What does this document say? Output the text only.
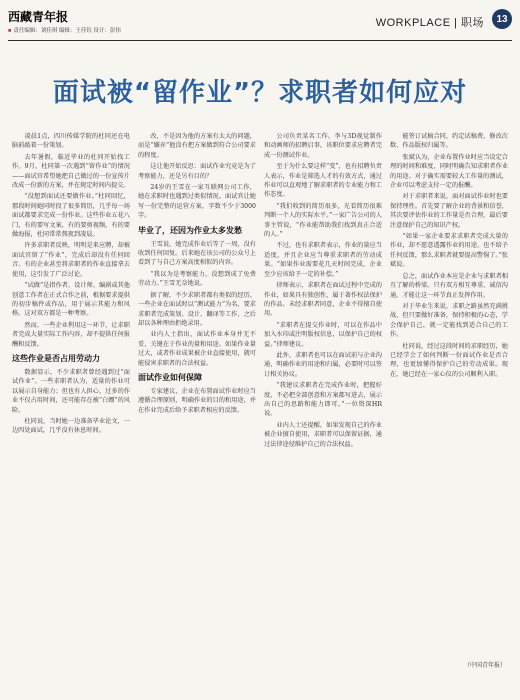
西藏青年报
■ 责任编辑：刘佳琪 编辑：王佳钰 设计：彭伟
WORKPLACE | 职场	13
面试被“留作业”？求职者如何应对

凌晨1点，四川传媒学院的杜同还在电脑前敲着一份策划。

去年暑假，临近毕业的杜同开始找工作。9月，杜同第一次遇到“留作业”的情况——面试官希望她把自己做过的一份宣传片改成一份新的方案，并在规定时间内提交。

“没想到面试还要做作业。”杜同回忆，那段时间她同时投了很多简历，几乎每一场面试都要求完成一份作业。这些作业五花八门，有的要写文案，有的要剪视频，有的要做海报，杜同常常熬夜到凌晨。

许多求职者反映，明明是来应聘，却被面试官留了“作业”，完成后却没有任何回音。有的企业甚至将求职者的作业直接拿去使用，这引发了广泛讨论。

“试做”是指作者，设计师、编剧或其他创意工作者在正式合作之前，根据要求提供的初步稿件或作品，用于展示其能力和风格。这对双方都是一种考察。

然而，一些企业利用这一环节，让求职者完成大量实际工作内容，却不提供任何报酬和反馈。

这些作业是否占用劳动力

数据显示，不少求职者曾经遇到过“面试作业”。一些求职者认为，适量的作业可以展示自身能力；但也有人担心，过多的作业不仅占用时间，还可能存在被“白嫖”的风险。

杜同说，当时她一边准备毕业论文，一边四处面试，几乎没有休息时间。

改，不是因为他的方案有太大的问题，而是“嫌弃”他没有把方案做到符合公司要求的程度。

这让他开始反思：面试作业究竟是为了考察能力，还是另有目的？

24岁的王雪在一家互联网公司工作，她在求职时也遇到过类似情况。面试官让她写一份完整的运营方案，字数不少于3000字。

毕业了，还因为作业太多发愁

王雪说，她完成作业后等了一周，没有收到任何回复。后来她在该公司的公众号上看到了与自己方案高度相似的内容。

“我以为是考察能力，没想到成了免费劳动力。”王雪无奈地说。

据了解，不少求职者都有类似的经历。一些企业在面试时以“测试能力”为名，要求求职者完成策划、设计、翻译等工作，之后却以各种理由拒绝录用。

业内人士指出，面试作业本身并无不妥，关键在于作业的量和用途。如果作业量过大，或者作业成果被企业直接使用，就可能侵害求职者的合法权益。

面试作业如何保障

专家建议，企业在布置面试作业时应当遵循合理原则，明确作业的目的和用途，并在作业完成后给予求职者相应的反馈。

公司负责某名工作。李与3D视觉制作和动画师的招聘启事，该职位要求应聘者完成一份测试作业。

至于为什么要这样“变”，也有招聘负责人表示，作业是筛选人才的有效方式，通过作业可以直观地了解求职者的专业能力和工作态度。

“我们收到的简历很多，光看简历很难判断一个人的实际水平。”一家广告公司的人事主管说，“作业能帮助我们找到真正合适的人。”

不过，也有求职者表示，作业的量应当适度，并且企业应当尊重求职者的劳动成果。“如果作业需要花几天时间完成，企业至少应该给予一定的补偿。”

律师表示，求职者在面试过程中完成的作业，如果具有独创性，属于著作权法保护的作品。未经求职者同意，企业不得擅自使用。

“求职者在提交作业时，可以在作品中加入水印或注明版权信息，以保护自己的权益。”律师建议。

此外，求职者也可以在面试前与企业沟通，明确作业的用途和归属，必要时可以签订相关协议。

“我建议求职者在完成作业时，把握好度，不必把全部创意和方案都写进去，展示出自己的思路和能力即可。”一位资深HR说。

业内人士还提醒，如果发现自己的作业被企业擅自使用，求职者可以保留证据，通过法律途径维护自己的合法权益。

能签订试稿合同，约定试稿费、修改次数、作品版权归属等。

张斌认为，企业布置作业时应当设定合理的时间和难度，同时明确告知求职者作业的用途。对于确实需要较大工作量的测试，企业可以考虑支付一定的报酬。

对于求职者来说，面对面试作业时也要保持理性。首先要了解企业的背景和信誉，其次要评估作业的工作量是否合理，最后要注意保护自己的知识产权。

“如果一家企业要求求职者完成大量的作业，却不愿意透露作业的用途，也不给予任何反馈，那么求职者就要提高警惕了。”张斌说。

总之，面试作业本应是企业与求职者相互了解的桥梁。只有双方相互尊重、诚信沟通，才能让这一环节真正发挥作用。

对于毕业生来说，求职之路虽然充满挑战，但只要做好准备，保持积极的心态，学会保护自己，就一定能找到适合自己的工作。

杜同说，经过这段时间的求职经历，她已经学会了如何判断一份面试作业是否合理，也更加懂得保护自己的劳动成果。现在，她已经在一家心仪的公司顺利入职。

（中国青年报）
